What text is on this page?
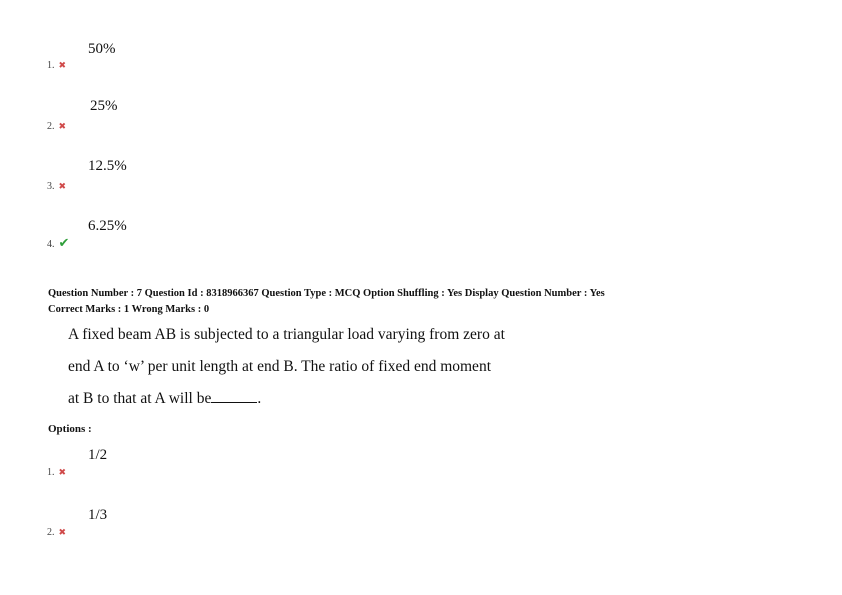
1. ✖
50%
2. ✖
25%
3. ✖
12.5%
4. ✔
6.25%
Question Number : 7 Question Id : 8318966367 Question Type : MCQ Option Shuffling : Yes Display Question Number : Yes
Correct Marks : 1 Wrong Marks : 0
A fixed beam AB is subjected to a triangular load varying from zero at
end A to ‘w’ per unit length at end B. The ratio of fixed end moment
at B to that at A will be	.
Options :
1. ✖
1/2
2. ✖
1/3
